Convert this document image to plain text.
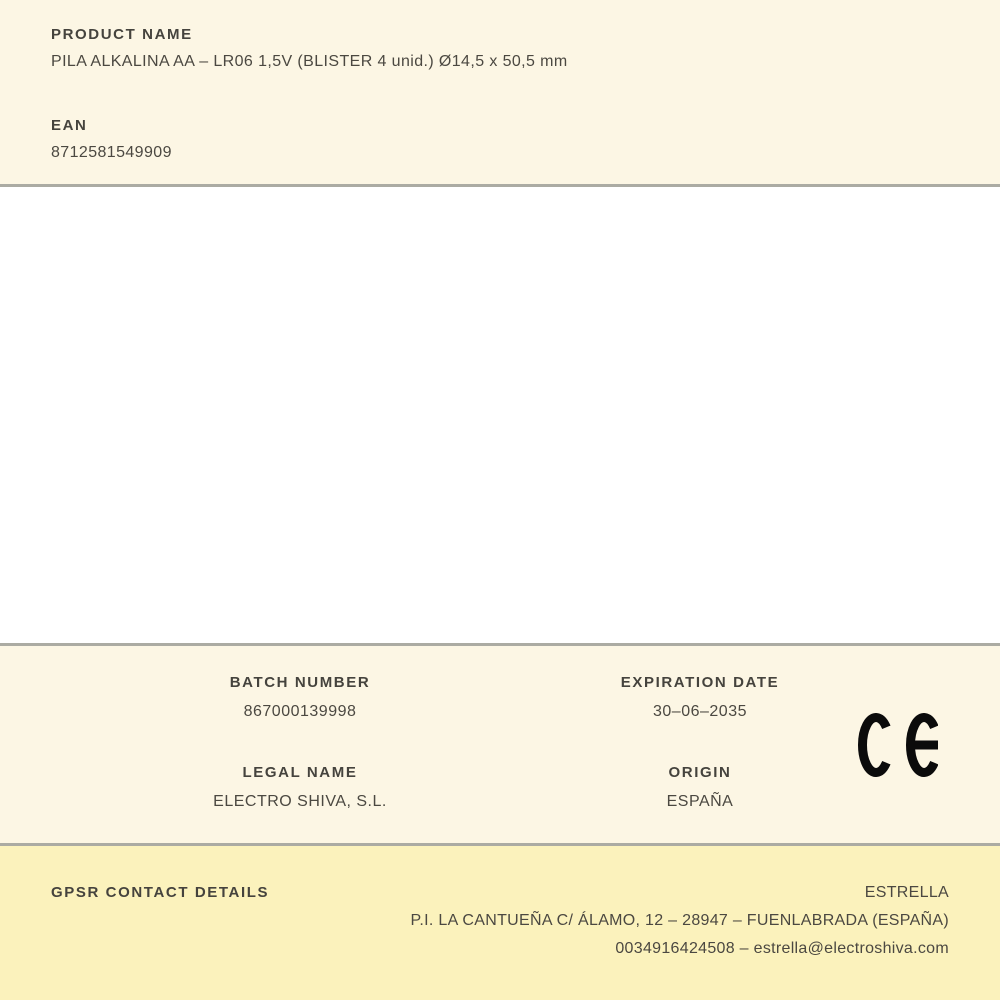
PRODUCT NAME
PILA ALKALINA AA – LR06 1,5V (BLISTER 4 unid.) Ø14,5 x 50,5 mm
EAN
8712581549909
BATCH NUMBER
867000139998
LEGAL NAME
ELECTRO SHIVA, S.L.
EXPIRATION DATE
30–06–2035
ORIGIN
ESPAÑA
GPSR CONTACT DETAILS	ESTRELLA
P.I. LA CANTUEÑA C/ ÁLAMO, 12 – 28947 – FUENLABRADA (ESPAÑA)
0034916424508 – estrella@electroshiva.com
